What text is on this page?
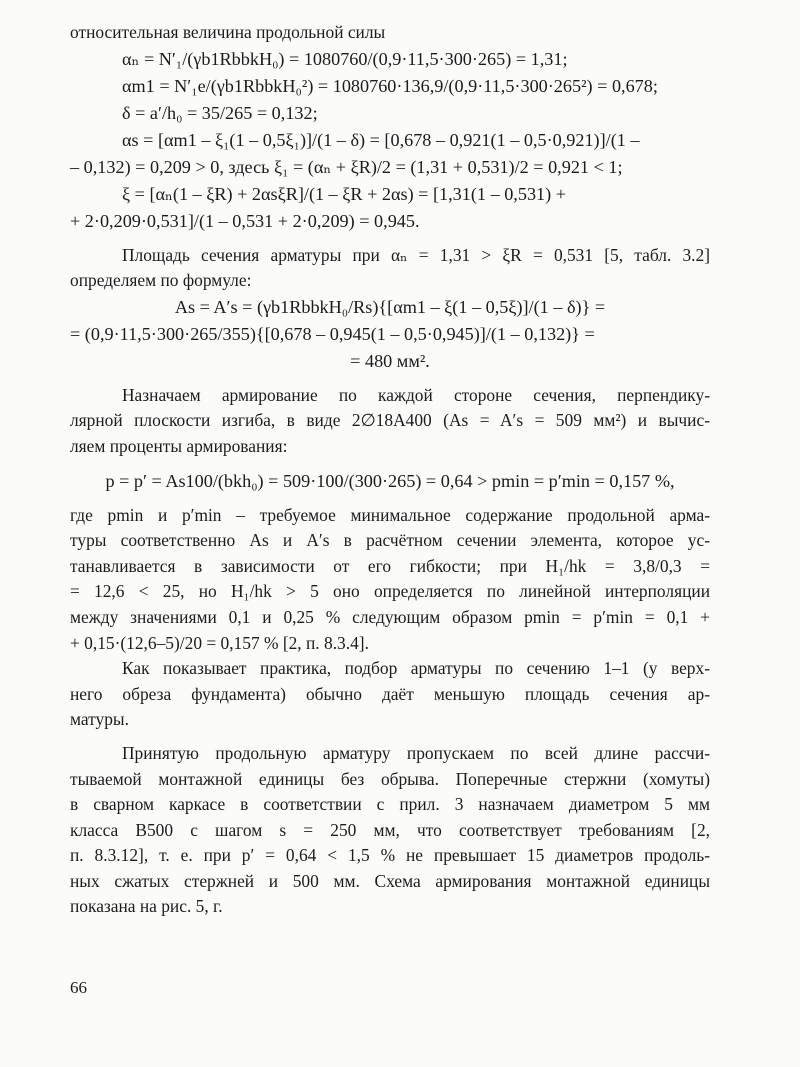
относительная величина продольной силы
αₙ = N′₁/(γb1RbbkH₀) = 1080760/(0,9·11,5·300·265) = 1,31;
αm1 = N′₁e/(γb1RbbkH₀²) = 1080760·136,9/(0,9·11,5·300·265²) = 0,678;
δ = a′/h₀ = 35/265 = 0,132;
αs = [αm1 – ξ₁(1 – 0,5ξ₁)]/(1 – δ) = [0,678 – 0,921(1 – 0,5·0,921)]/(1 –
– 0,132) = 0,209 > 0, здесь ξ₁ = (αₙ + ξR)/2 = (1,31 + 0,531)/2 = 0,921 < 1;
ξ = [αₙ(1 – ξR) + 2αsξR]/(1 – ξR + 2αs) = [1,31(1 – 0,531) +
+ 2·0,209·0,531]/(1 – 0,531 + 2·0,209) = 0,945.
Площадь сечения арматуры при αₙ = 1,31 > ξR = 0,531 [5, табл. 3.2]
определяем по формуле:
As = A′s = (γb1RbbkH₀/Rs){[αm1 – ξ(1 – 0,5ξ)]/(1 – δ)} =
= (0,9·11,5·300·265/355){[0,678 – 0,945(1 – 0,5·0,945)]/(1 – 0,132)} =
= 480 мм².
Назначаем армирование по каждой стороне сечения, перпендику-
лярной плоскости изгиба, в виде 2∅18А400 (As = A′s = 509 мм²) и вычис-
ляем проценты армирования:
p = p′ = As100/(bkh₀) = 509·100/(300·265) = 0,64 > pmin = p′min = 0,157 %,
где pmin и p′min – требуемое минимальное содержание продольной арма-
туры соответственно As и A′s в расчётном сечении элемента, которое ус-
танавливается в зависимости от его гибкости; при H₁/hk = 3,8/0,3 =
= 12,6 < 25, но H₁/hk > 5 оно определяется по линейной интерполяции
между значениями 0,1 и 0,25 % следующим образом pmin = p′min = 0,1 +
+ 0,15·(12,6–5)/20 = 0,157 % [2, п. 8.3.4].
Как показывает практика, подбор арматуры по сечению 1–1 (у верх-
него обреза фундамента) обычно даёт меньшую площадь сечения ар-
матуры.
Принятую продольную арматуру пропускаем по всей длине рассчи-
тываемой монтажной единицы без обрыва. Поперечные стержни (хомуты)
в сварном каркасе в соответствии с прил. 3 назначаем диаметром 5 мм
класса B500 с шагом s = 250 мм, что соответствует требованиям [2,
п. 8.3.12], т. е. при p′ = 0,64 < 1,5 % не превышает 15 диаметров продоль-
ных сжатых стержней и 500 мм. Схема армирования монтажной единицы
показана на рис. 5, г.
66
